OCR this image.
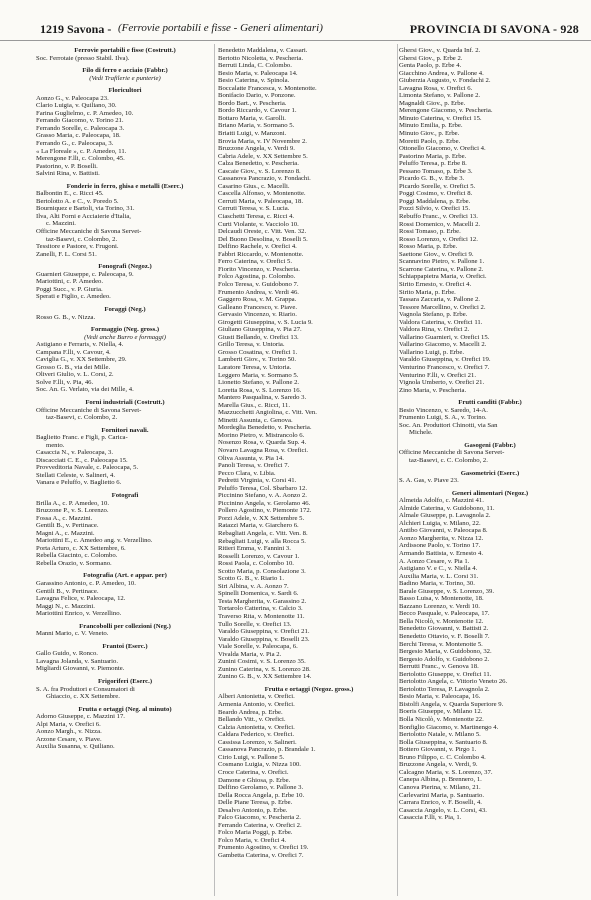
1219 Savona - (Ferrovie portabili e fisse - Generi alimentari)	PROVINCIA DI SAVONA - 928
Ferrovie portabili e fisse (Costrutt.)
Soc. Ferrotaie (presso Stabil. Ilva).
Filo di ferro e acciaio (Fabbr.)
(Vedi Trafilerie e punterie)
Floricultori
Aonzo G., v. Paleocapa 23.
Clario Luigia, v. Quiliano, 30.
Farina Guglielmo, c. P. Amedeo, 10.
Ferrando Giacomo, v. Torino 21.
Ferrando Sorelle, c. Paleocapa 3.
Grasso Maria, c. Paleocapa, 18.
Ferrando G., c. Paleocapa, 3.
« La Floreale », c. P. Amedeo, 11.
Merengone F.lli, c. Colombo, 45.
Pastorino, v. P. Boselli.
Salvini Rina, v. Battisti.
Fonderie in ferro, ghisa e metalli (Eserc.)
Balbontin E., c. Ricci 45.
Bertolotto A. e C., v. Poredo 5.
Bourniquez e Bartoli, via Torino, 31.
Ilva, Alti Forni e Acciaierie d'Italia,
c. Mazzini.
Officine Meccaniche di Savona Servet-
taz-Basevi, c. Colombo, 2.
Tessitore e Pastore, v. Frugoni.
Zanelli, F. L. Corsi 51.
Fonografi (Negoz.)
Guarnieri Giuseppe, c. Paleocapa, 9.
Mariottini, c. P. Amedeo.
Poggi Succ., v. P. Giuria.
Sperati e Figlio, c. Amedeo.
Foraggi (Neg.)
Rosso G. B., v. Nizza.
Formaggio (Neg. gross.)
(Vedi anche Burro e formaggi)
Astigiano e Ferraris, v. Niella, 4.
Campana F.lli, v. Cavour, 4.
Caviglia G., v. XX Settembre, 29.
Grosso G. B., via dei Mille.
Oliveri Giulio, v. L. Corsi, 2.
Solve F.lli, v. Pia, 46.
Soc. An. G. Verlato, via dei Mille, 4.
Forni industriali (Costrutt.)
Officine Meccaniche di Savona Servet-
taz-Basevi, c. Colombo, 2.
Fornitori navali.
Baglietto Franc. e Figli, p. Carica-
mento.
Casaccia N., v. Paleocapa, 3.
Discacciati C. E., c. Paleocapa 15.
Provveditoria Navale, c. Paleocapa, 5.
Stellati Celeste, v. Salineri, 4.
Vanara e Peluffo, v. Baglietto 6.
Fotografi
Brilla A., c. P. Amedeo, 10.
Bruzzone P., v. S. Lorenzo.
Fossa A., c. Mazzini.
Gentili B., v. Pertinace.
Magni A., c. Mazzini.
Mariottini E., c. Amedeo ang. v. Verzellino.
Porta Arturo, c. XX Settembre, 6.
Rebella Giacinto, c. Colombo.
Rebella Orazio, v. Sormano.
Fotografia (Art. e appar. per)
Garassino Antonio, c. P. Amedeo, 10.
Gentili B., v. Pertinace.
Lavagna Felice, v. Paleocapa, 12.
Maggi N., c. Mazzini.
Mariottini Enrico, v. Verzellino.
Francobolli per collezioni (Neg.)
Manni Mario, c. V. Veneto.
Frantoi (Eserc.)
Gallo Guido, v. Ronco.
Lavagna Jolanda, v. Santuario.
Migliardi Giovanni, v. Piemonte.
Frigoriferi (Eserc.)
S. A. fra Produttori e Consumatori di
Ghiaccio, c. XX Settembre.
Frutta e ortaggi (Neg. al minuto)
Adorno Giuseppe, c. Mazzini 17.
Alpi Maria, v. Orefici 6.
Aonzo Margh., v. Nizza.
Arzone Cesare, v. Piave.
Auxilia Susanna, v. Quiliano.
Benedetto Maddalena, v. Cassari.
Bertotto Nicoletta, v. Pescheria.
Berruti Linda, C. Colombo.
Besio Maria, v. Paleocapa 14.
Besio Caterina, v. Spinola.
Boccalatte Francesca, v. Montenotte.
Bonifacio Dario, v. Ponzone.
Bordo Bart., v. Pescheria.
Bordo Riccardo, v. Cavour 1.
Bottaro Maria, v. Garolli.
Briano Maria, v. Sormano 5.
Briatti Luigi, v. Manzoni.
Brovia Maria, v. IV Novembre 2.
Bruzzone Angela, v. Verdi 9.
Cabria Adele, v. XX Settembre 5.
Calza Benedetto, v. Pescheria.
Cascaie Giov., v. S. Lorenzo 8.
Cassanova Pancrazio, v. Fondachi.
Casarino Gius., c. Macelli.
Cascella Alfonso, v. Montenotte.
Cerruti Maria, v. Paleocapa, 18.
Cerruti Teresa, v. S. Lucia.
Ciaschetti Teresa, c. Ricci 4.
Curti Violante, v. Vacciolo 10.
Delcaudi Oreste, c. Vitt. Ven. 32.
Del Buono Desolina, v. Boselli 5.
Delfino Rachele, v. Orefici 4.
Fabbri Riccardo, v. Montenotte.
Ferro Caterina, v. Orefici 5.
Fiorito Vincenzo, v. Pescheria.
Folco Agostina, p. Colombo.
Folco Teresa, v. Guidobono 7.
Frumento Andrea, v. Verdi 46.
Gaggero Rosa, v. M. Grappa.
Galleano Francesco, v. Piave.
Gervasio Vincenzo, v. Riario.
Girogetti Giuseppina, v. S. Lucia 9.
Giuliano Giuseppina, v. Pia 27.
Giusti Bellando, v. Orefici 13.
Grillo Teresa, v. Untoria.
Grosso Cosatina, v. Orefici 1.
Lamberti Giov., v. Torino 50.
Laratore Teresa, v. Untoria.
Leggero Maria, v. Sormano 5.
Lionetto Stefano, v. Pallone 2.
Loretta Rosa, v. S. Lorenzo 16.
Mantero Pasqualina, v. Saredo 3.
Marella Gius., c. Ricci, 11.
Mazzucchetti Angiolina, c. Vitt. Ven.
Minetti Assunta, c. Genova.
Mordeglia Benedetto, v. Pescheria.
Morino Pietro, v. Mistrancolo 6.
Nosenzo Rosa, v. Quarda Sup. 4.
Novaro Lavagna Rosa, v. Orefici.
Oliva Assunta, v. Pia 14.
Panoli Teresa, v. Orefici 7.
Pecco Clara, v. Libia.
Pedretti Virginia, v. Corsi 41.
Peluffo Teresa, Col. Sbarbaro 12.
Piccinino Stefano, v. A. Aonzo 2.
Piccinino Angela, v. Gerolamo 46.
Pollero Agostino, v. Piemonte 172.
Porzi Adele, v. XX Settembre 5.
Ratazzi Maria, v. Giarchero 6.
Rebagliati Angela, c. Vitt. Ven. 8.
Rebagliati Luigi, v. alla Rocca 5.
Ritieri Emma, v. Fannini 3.
Rosselli Lorenzo, v. Cavour 1.
Rossi Paola, c. Colombo 10.
Scotto Maria, p. Consolazione 3.
Scotto G. B., v. Riario 1.
Siri Albina, v. A. Aonzo 7.
Spinelli Domenica, v. Sardi 6.
Testa Margherita, v. Garassino 2.
Tortarolo Catterina, v. Calcio 3.
Traverso Rita, v. Montenotte 11.
Tullo Sorelle, v. Orefici 13.
Varaldo Giuseppina, v. Orefici 21.
Varaldo Giuseppina, v. Boselli 23.
Viale Sorelle, v. Paleocapa, 6.
Vivalda Maria, v. Pia 2.
Zunini Cosimi, v. S. Lorenzo 35.
Zunino Caterina, v. S. Lorenzo 28.
Zunino G. B., v. XX Settembre 14.
Frutta e ortaggi (Negoz. gross.)
Alberi Antonietta, v. Orefici.
Armenia Antonio, v. Orefici.
Beardo Andrea, p. Erbe.
Bellando Vitt., v. Orefici.
Calzia Antonietta, v. Orefici.
Caldara Federico, v. Orefici.
Cassissa Lorenzo, v. Salineri.
Cassanova Pancrazio, p. Brandale 1.
Cirio Luigi, v. Pallone 5.
Cosmano Luigia, v. Nizza 100.
Croce Caterina, v. Orefici.
Damone e Ghiosa, p. Erbe.
Delfino Gerolamo, v. Pallone 3.
Della Rocca Angela, p. Erbe 10.
Delle Piane Teresa, p. Erbe.
Desalvo Antonio, p. Erbe.
Falco Giacomo, v. Pescheria 2.
Ferrando Caterina, v. Orefici 2.
Folco Maria Poggi, p. Erbe.
Folco Maria, v. Orefici 4.
Frumento Agostino, v. Orefici 19.
Gambetta Caterina, v. Orefici 7.
Ghersi Giov., v. Quarda Inf. 2.
Ghersi Giov., p. Erbe 2.
Genta Paolo, p. Erbe 4.
Giacchino Andrea, v. Pallone 4.
Giuberzia Augusto, v. Fondachi 2.
Lavagna Rosa, v. Orefici 6.
Limonta Stefano, v. Pallone 2.
Magnaldi Giov., p. Erbe.
Merengone Giacomo, v. Pescheria.
Minuto Caterina, v. Orefici 15.
Minuto Emilia, p. Erbe.
Minuto Giov., p. Erbe.
Moretti Paolo, p. Erbe.
Ottonello Giacomo, v. Orefici 4.
Pastorino Maria, p. Erbe.
Peluffo Teresa, p. Erbe 8.
Pessano Tomaso, p. Erbe 3.
Picardo G. B., v. Erbe 3.
Picardo Sorelle, v. Orefici 5.
Poggi Cosimo, v. Orefici 8.
Poggi Maddalena, p. Erbe.
Pozzi Silvio, v. Orefici 15.
Rebuffo Franc., v. Orefici 13.
Rossi Domenico, v. Macelli 2.
Rossi Tomaso, p. Erbe.
Rosso Lorenzo, v. Orefici 12.
Rosso Maria, p. Erbe.
Saettone Giov., v. Orefici 9.
Scannavino Pietro, v. Pallone 1.
Scarrone Caterina, v. Pallone 2.
Schiappapietra Maria, v. Orefici.
Sirito Ernesto, v. Orefici 4.
Sirito Maria, p. Erbe.
Tassara Zaccaria, v. Pallone 2.
Tessore Marcellino, v. Orefici 2.
Vagnola Stefano, p. Erbe.
Valdora Caterina, v. Orefici 11.
Valdora Rina, v. Orefici 2.
Vallarino Guarnieri, v. Orefici 15.
Vallarino Giacomo, v. Macelli 2.
Vallarino Luigi, p. Erbe.
Varaldo Giuseppina, v. Orefici 19.
Venturino Francesco, v. Orefici 7.
Venturino F.lli, v. Orefici 21.
Vignola Umberto, v. Orefici 21.
Zino Maria, v. Pescheria.
Frutti canditi (Fabbr.)
Besio Vincenzo, v. Saredo, 14-A.
Frumento Luigi, S. A., v. Torino.
Soc. An. Produttori Chinotti, via San
Michele.
Gasogeni (Fabbr.)
Officine Meccaniche di Savona Servet-
taz-Basevi, c. C. Colombo, 2.
Gasometrici (Eserc.)
S. A. Gas, v. Piave 23.
Generi alimentari (Negoz.)
Almeida Adolfo, c. Mazzini 41.
Almide Caterina, v. Guidobono, 11.
Almale Giuseppe, p. Lavagnola 2.
Alchieri Luigia, v. Milano, 22.
Antibo Giovanni, v. Paleocapa 8.
Aonzo Margherita, v. Nizza 12.
Ardissone Paolo, v. Torino 17.
Armando Battista, v. Ernesto 4.
A. Aonzo Cesare, v. Pia 1.
Astigiano V. e C., v. Niella 4.
Auxilia Maria, v. L. Corsi 31.
Badino Maria, v. Torino, 30.
Barale Giuseppe, v. S. Lorenzo, 39.
Basso Luisa, v. Montenotte, 18.
Bazzano Lorenzo, v. Verdi 10.
Becco Pasquale, v. Paleocapa, 17.
Bella Nicolò, v. Montenotte 12.
Benedetto Giovanni, v. Battisti 2.
Benedetto Ottavio, v. F. Boselli 7.
Berchi Teresa, v. Montenotte 5.
Bergesio Maria, v. Guidobono, 32.
Bergesio Adolfo, v. Guidobono 2.
Berrutti Franc., v. Genova 18.
Bertolotto Giuseppe, v. Orefici 11.
Bertolotto Angela, c. Vittorio Veneto 26.
Bertolotto Teresa, P. Lavagnola 2.
Besio Maria, v. Paleocapa, 16.
Bistolfi Angela, v. Quarda Superiore 9.
Boeris Giuseppe, v. Milano 12.
Bolla Nicolò, v. Montenotte 22.
Bonfiglio Giacomo, v. Martinengo 4.
Bertolotto Natale, v. Milano 5.
Bolla Giuseppina, v. Santuario 8.
Bottero Giovanni, v. Pirgo 1.
Bruno Filippo, c. C. Colombo 4.
Bruzzone Angela, v. Verdi, 9.
Calcagno Maria, v. S. Lorenzo, 37.
Canepa Albina, p. Brennero, 1.
Canova Pierina, v. Milano, 21.
Carlevarini Maria, p. Santuario.
Carrara Enrico, v. F. Boselli, 4.
Casaccia Angelo, v. L. Corsi, 43.
Casaccia F.lli, v. Pia, 1.
